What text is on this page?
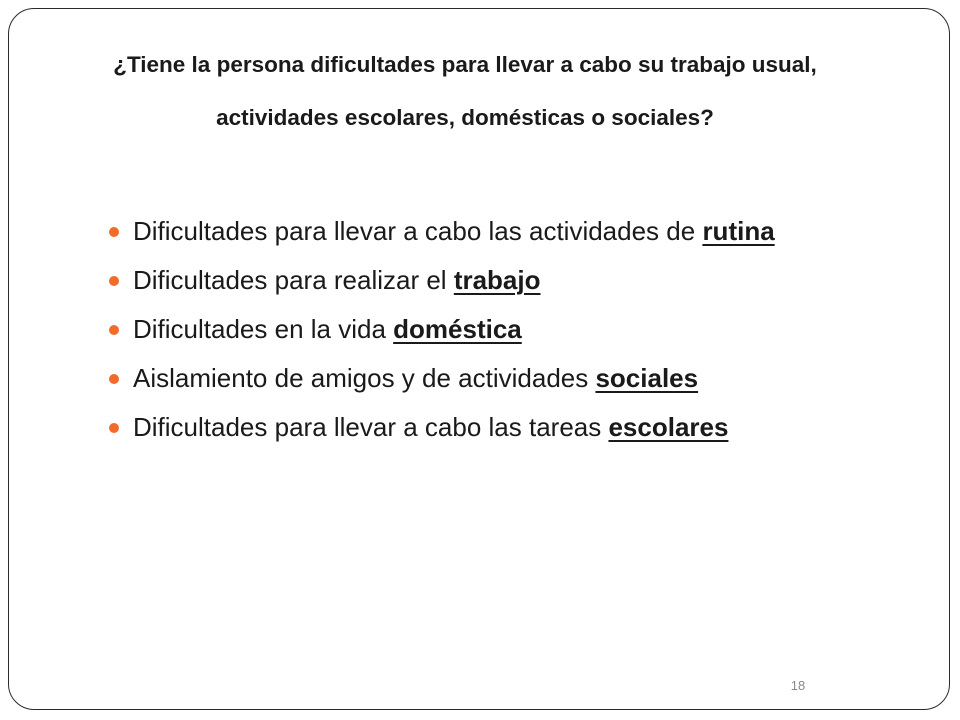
¿Tiene la persona dificultades para llevar a cabo su trabajo usual,
actividades escolares, domésticas o sociales?
Dificultades para llevar a cabo las actividades de rutina
Dificultades para realizar el trabajo
Dificultades en la vida doméstica
Aislamiento de amigos y de actividades sociales
Dificultades para llevar a cabo las tareas escolares
18
